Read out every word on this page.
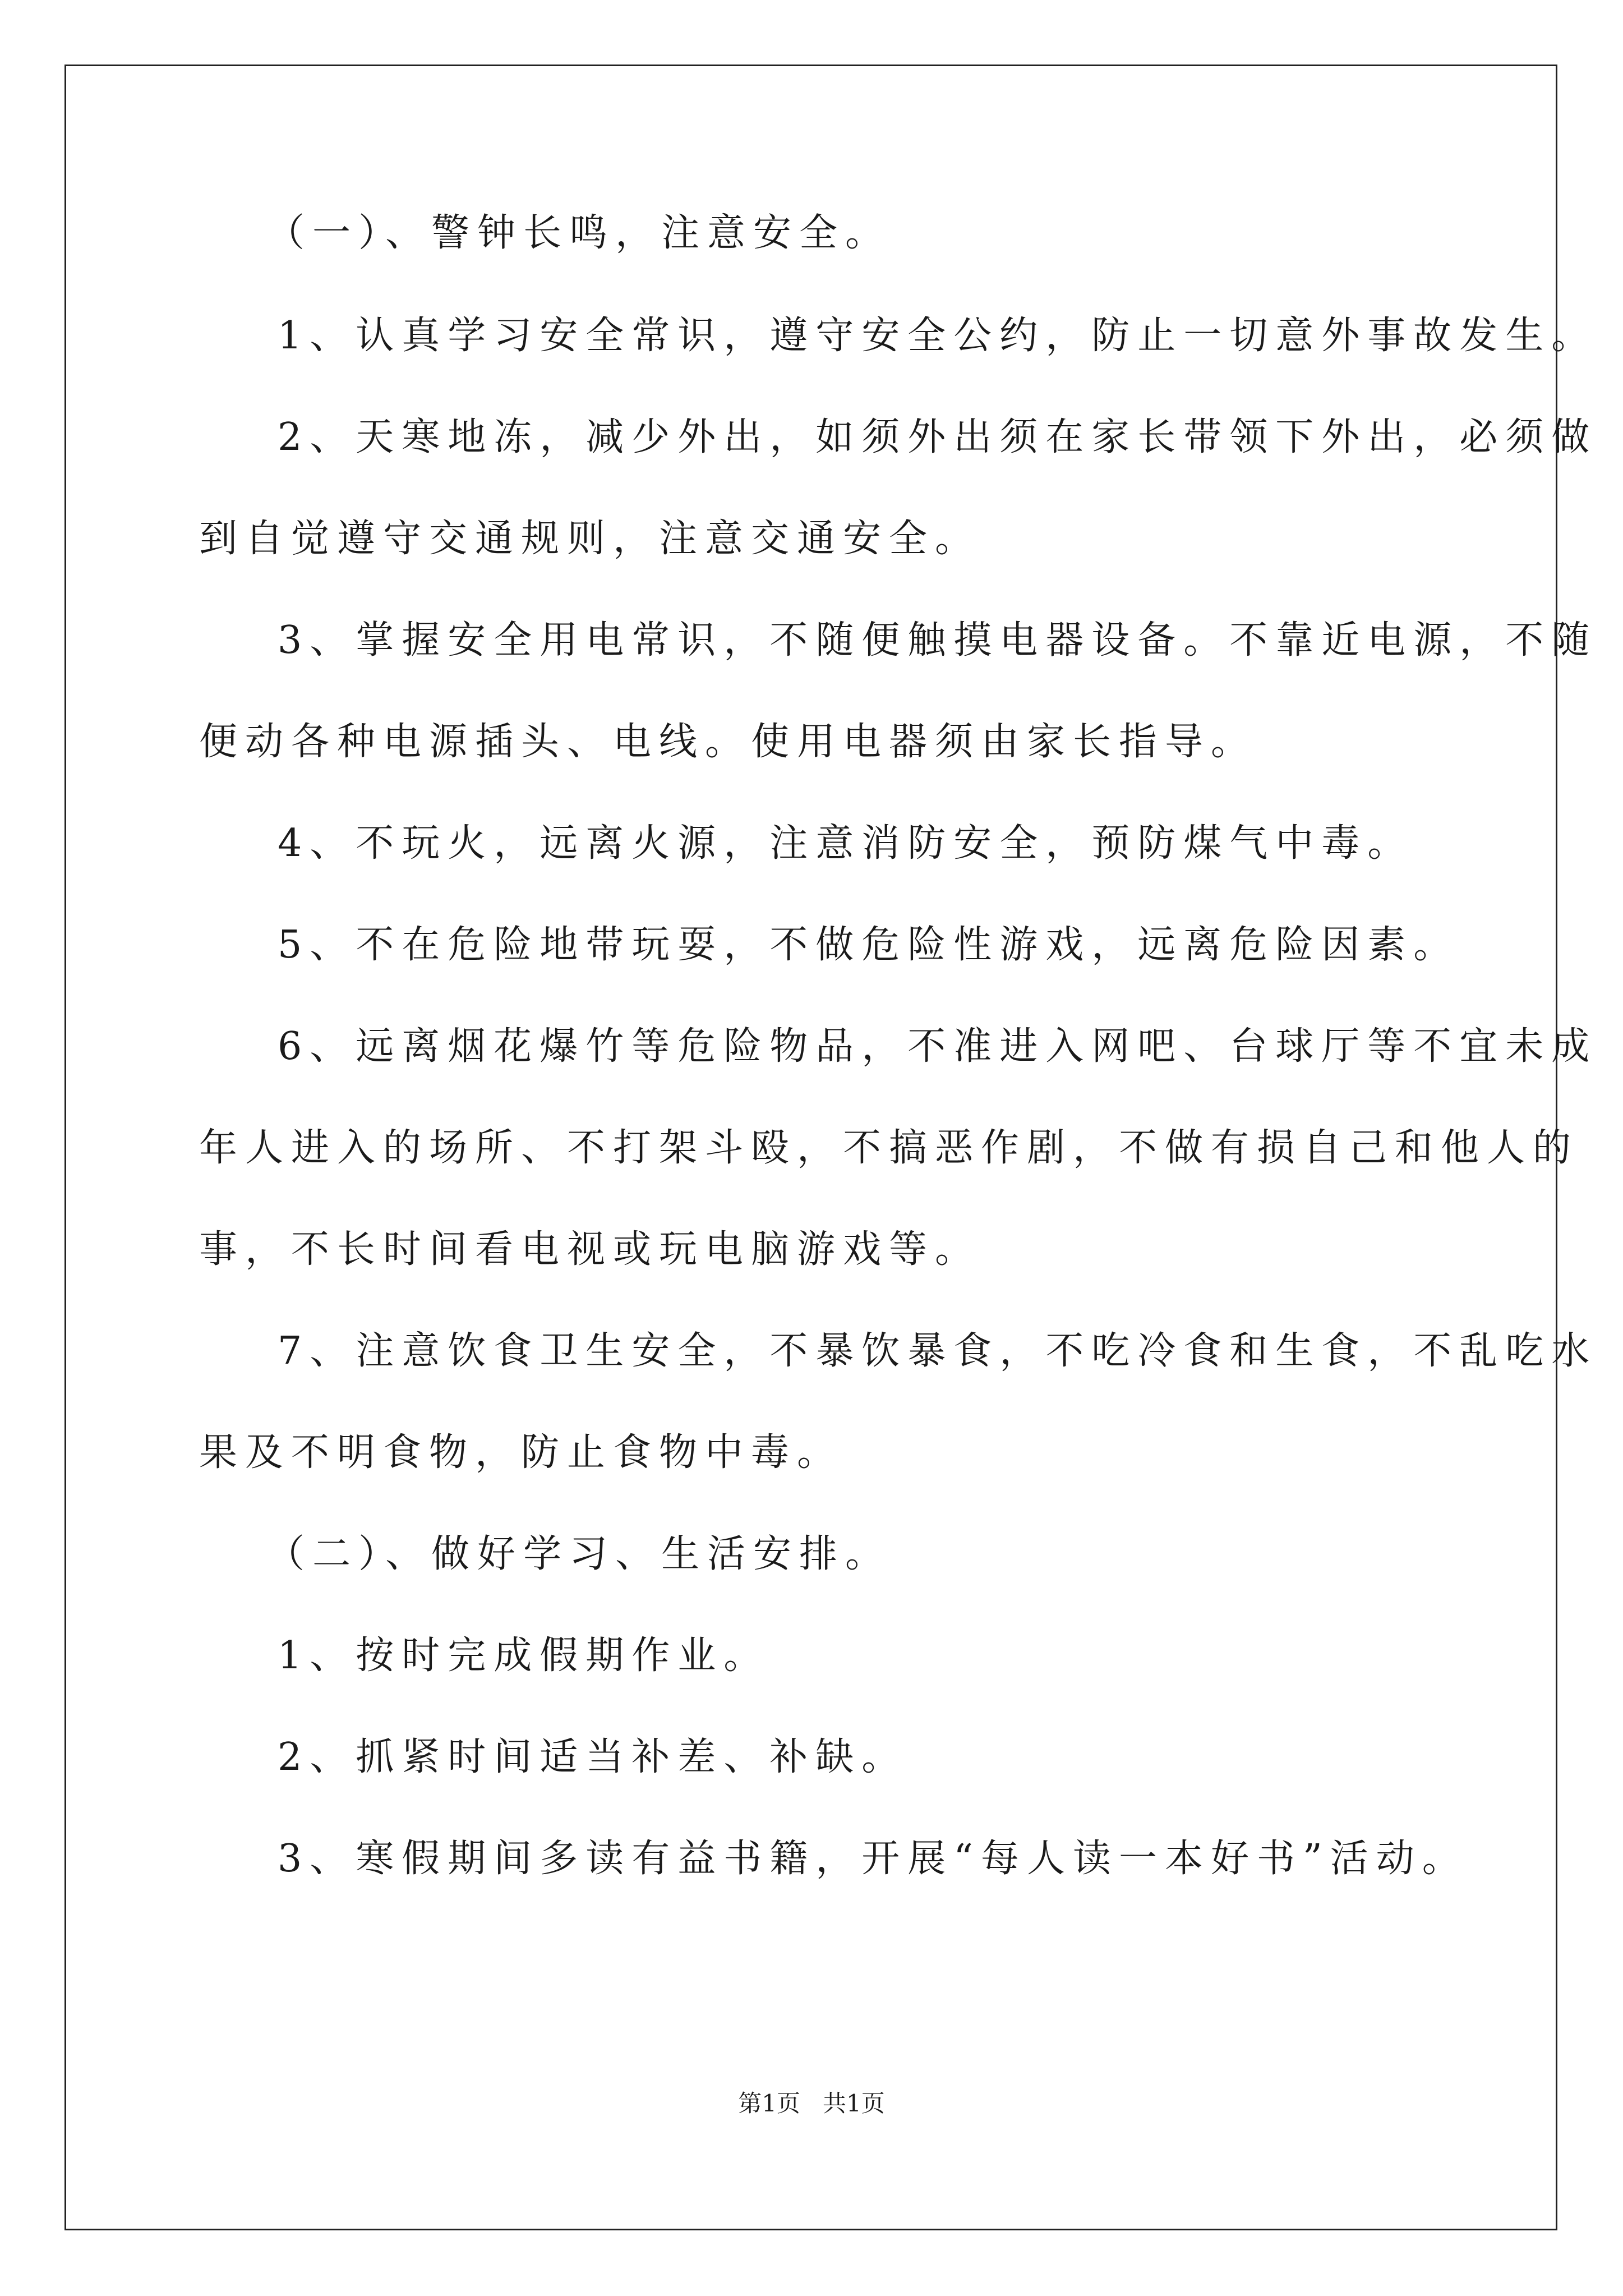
（一）、警钟长鸣，注意安全。
1、认真学习安全常识，遵守安全公约，防止一切意外事故发生。
2、天寒地冻，减少外出，如须外出须在家长带领下外出，必须做
到自觉遵守交通规则，注意交通安全。
3、掌握安全用电常识，不随便触摸电器设备。不靠近电源，不随
便动各种电源插头、电线。使用电器须由家长指导。
4、不玩火，远离火源，注意消防安全，预防煤气中毒。
5、不在危险地带玩耍，不做危险性游戏，远离危险因素。
6、远离烟花爆竹等危险物品，不准进入网吧、台球厅等不宜未成
年人进入的场所、不打架斗殴，不搞恶作剧，不做有损自己和他人的
事，不长时间看电视或玩电脑游戏等。
7、注意饮食卫生安全，不暴饮暴食，不吃冷食和生食，不乱吃水
果及不明食物，防止食物中毒。
（二）、做好学习、生活安排。
1、按时完成假期作业。
2、抓紧时间适当补差、补缺。
3、寒假期间多读有益书籍，开展“每人读一本好书”活动。
第1页   共1页
